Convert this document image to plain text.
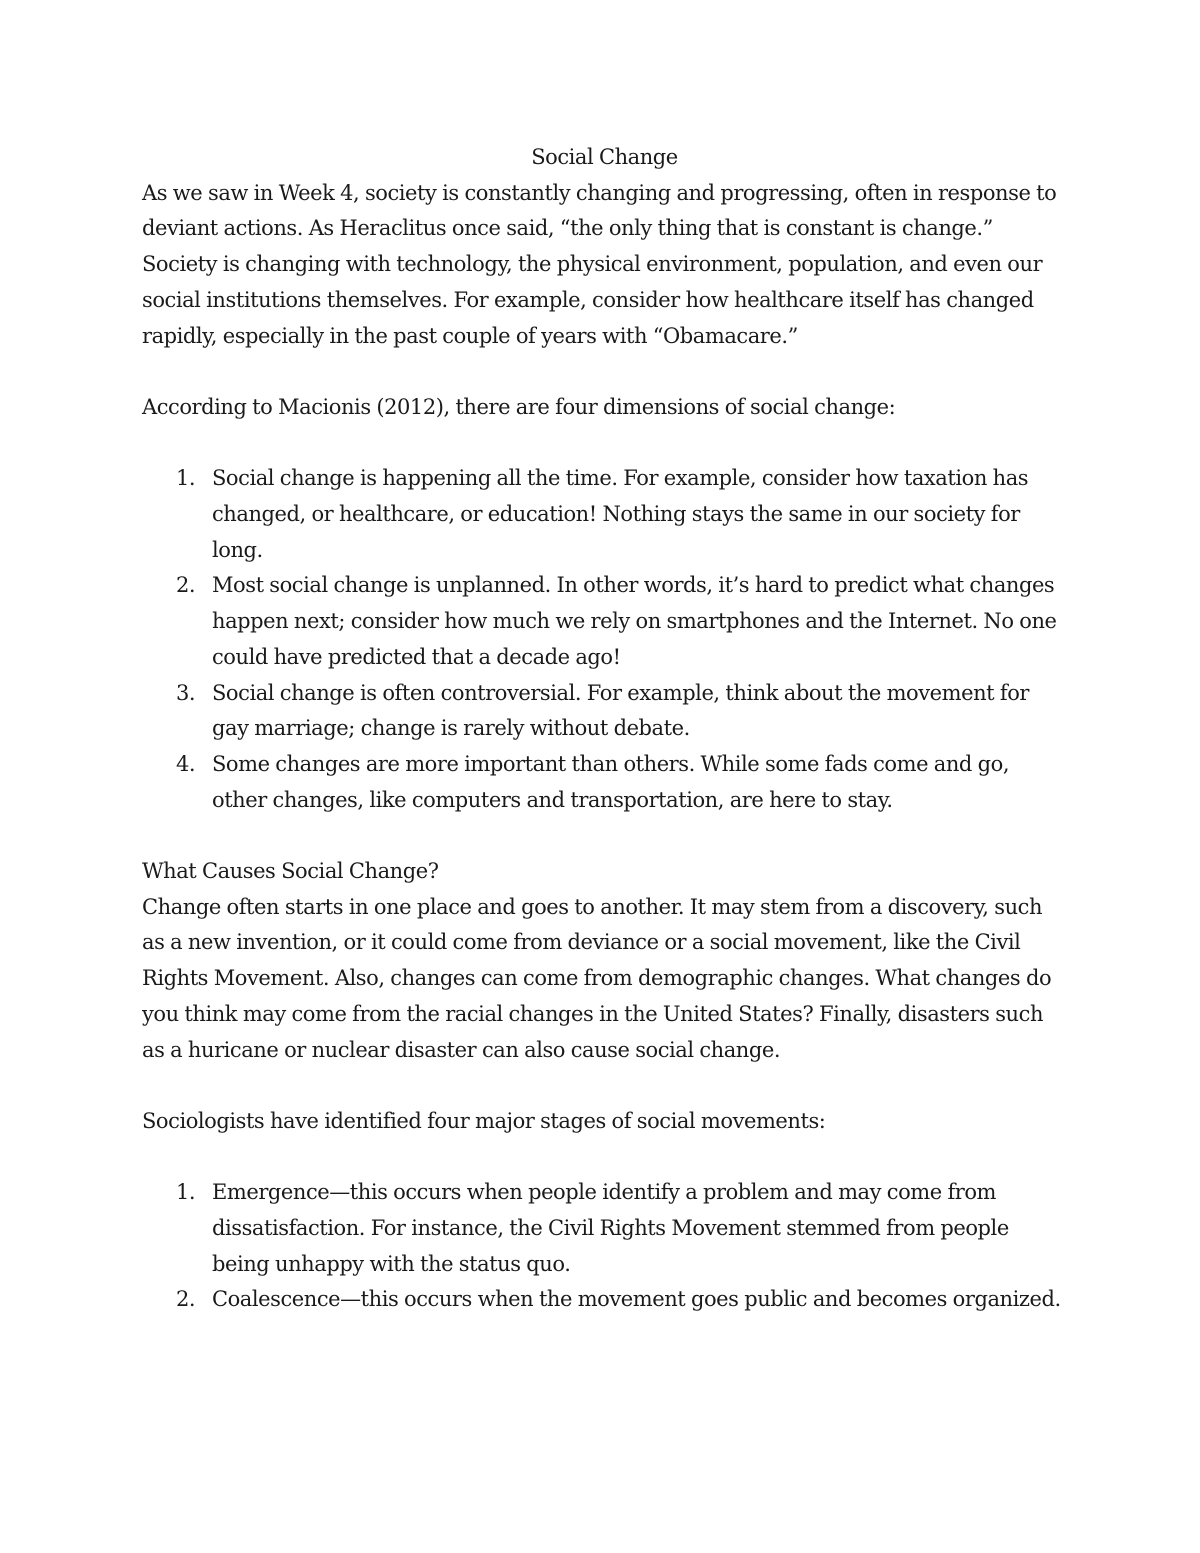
Social Change

As we saw in Week 4, society is constantly changing and progressing, often in response to deviant actions. As Heraclitus once said, “the only thing that is constant is change.” Society is changing with technology, the physical environment, population, and even our social institutions themselves. For example, consider how healthcare itself has changed rapidly, especially in the past couple of years with “Obamacare.”

According to Macionis (2012), there are four dimensions of social change:

1. Social change is happening all the time. For example, consider how taxation has changed, or healthcare, or education! Nothing stays the same in our society for long.
2. Most social change is unplanned. In other words, it’s hard to predict what changes happen next; consider how much we rely on smartphones and the Internet. No one could have predicted that a decade ago!
3. Social change is often controversial. For example, think about the movement for gay marriage; change is rarely without debate.
4. Some changes are more important than others. While some fads come and go, other changes, like computers and transportation, are here to stay.

What Causes Social Change?

Change often starts in one place and goes to another. It may stem from a discovery, such as a new invention, or it could come from deviance or a social movement, like the Civil Rights Movement. Also, changes can come from demographic changes. What changes do you think may come from the racial changes in the United States? Finally, disasters such as a huricane or nuclear disaster can also cause social change.

Sociologists have identified four major stages of social movements:

1. Emergence—this occurs when people identify a problem and may come from dissatisfaction. For instance, the Civil Rights Movement stemmed from people being unhappy with the status quo.
2. Coalescence—this occurs when the movement goes public and becomes organized.
